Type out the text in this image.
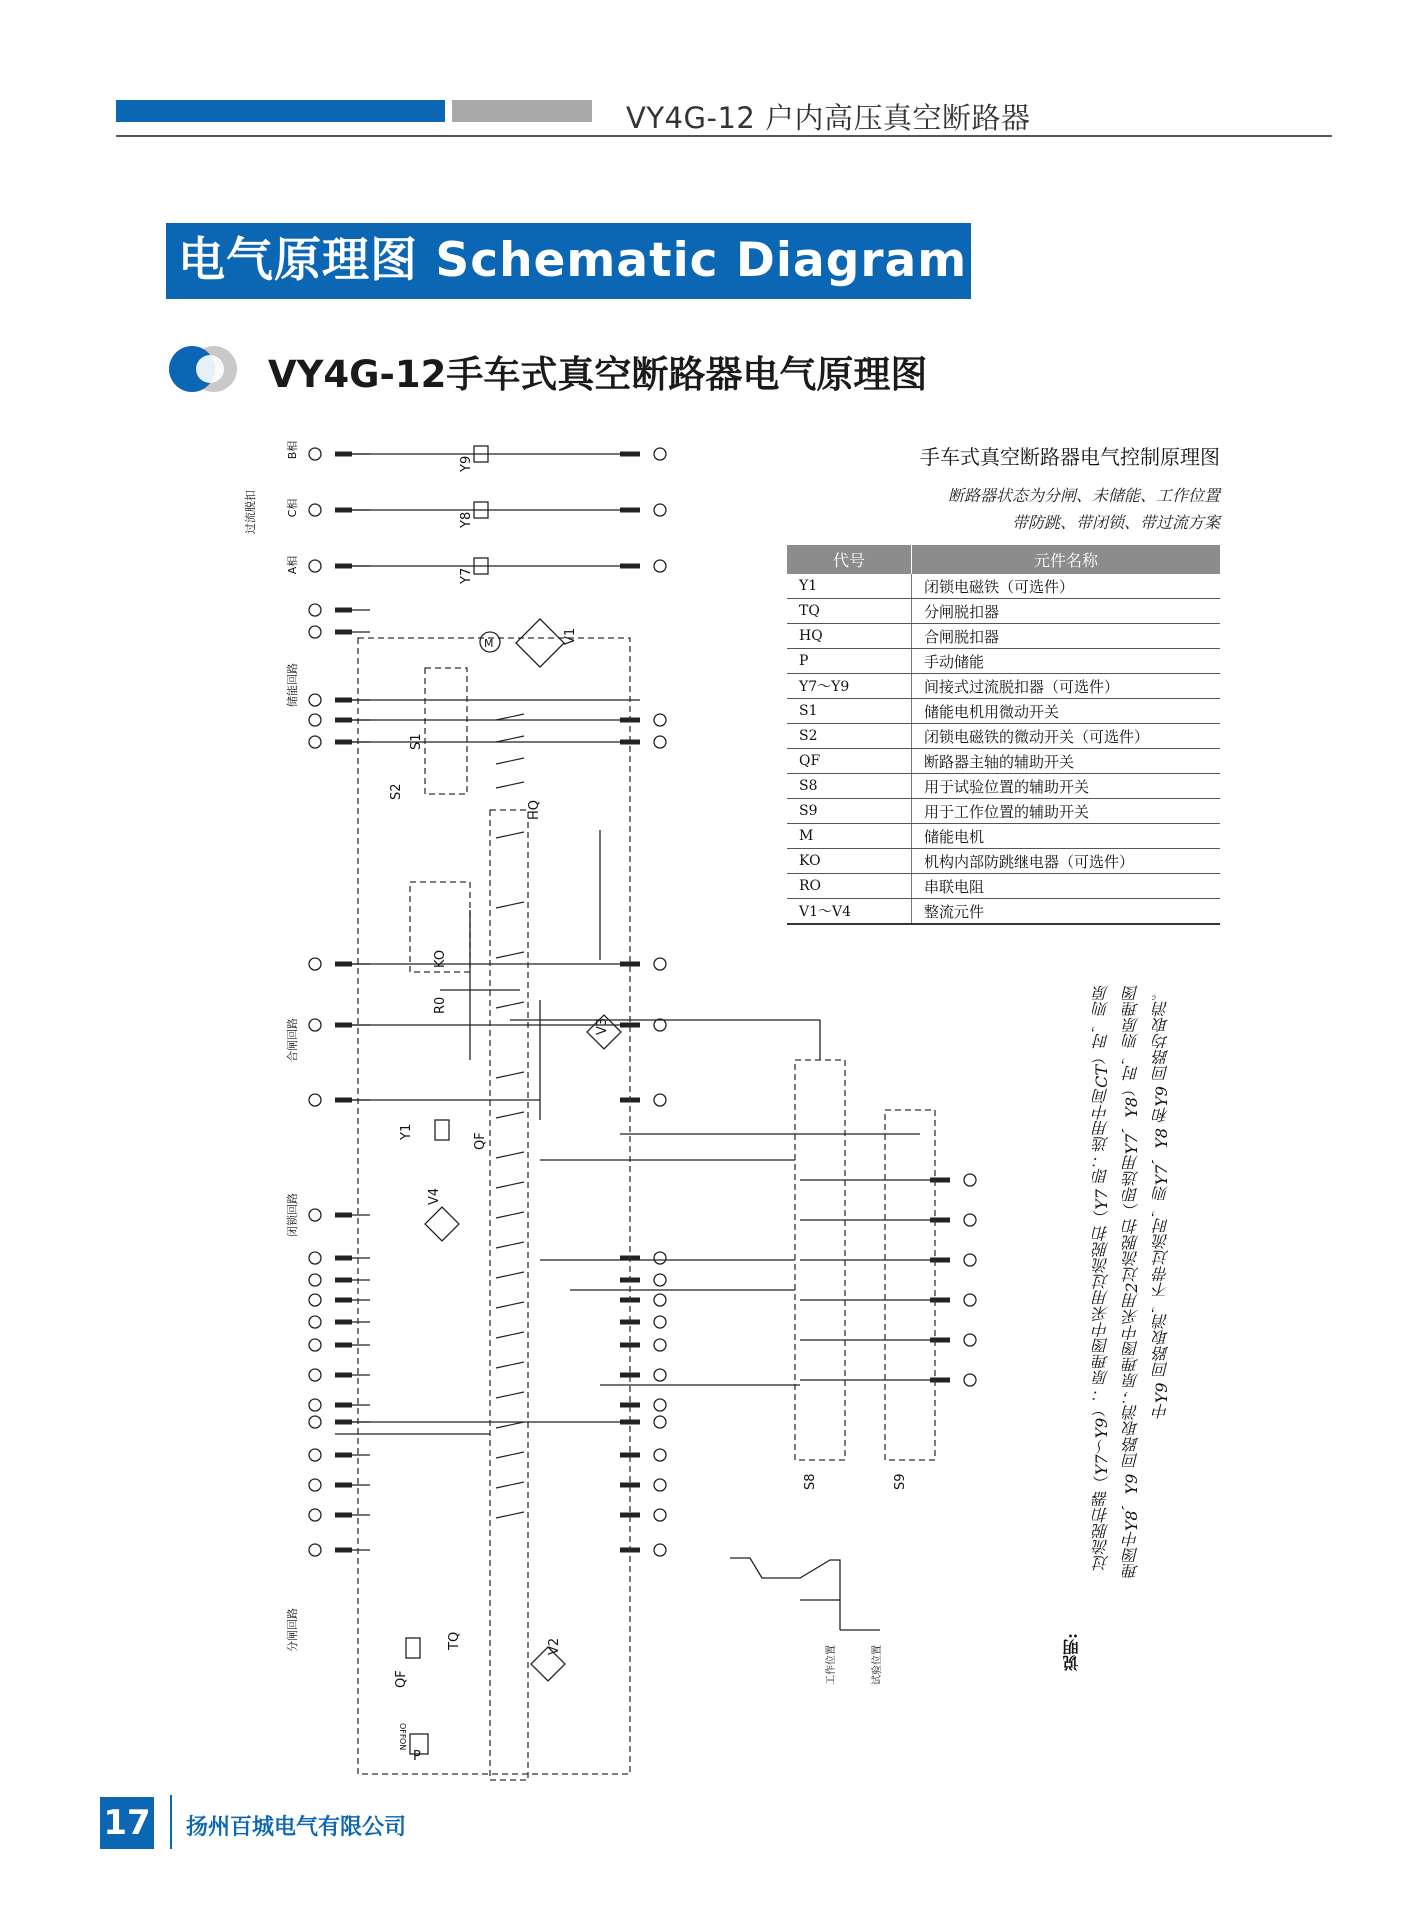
VY4G-12 户内高压真空断路器
电气原理图 Schematic Diagram
VY4G-12手车式真空断路器电气原理图
B相
C相
A相
过流脱扣
储能回路
合闸回路
闭锁回路
分闸回路
Y9
Y8
Y7
M	V1
S1
S2
HQ
KO
R0
V3
Y1
QF
V4
TQ	V2
QF
P
S8	S9
工作位置	试验位置
OFF
ON
手车式真空断路器电气控制原理图
断路器状态为分闸、未储能、工作位置
带防跳、带闭锁、带过流方案
代号	元件名称
Y1	闭锁电磁铁（可选件）
TQ	分闸脱扣器
HQ	合闸脱扣器
P	手动储能
Y7～Y9	间接式过流脱扣器（可选件）
S1	储能电机用微动开关
S2	闭锁电磁铁的微动开关（可选件）
QF	断路器主轴的辅助开关
S8	用于试验位置的辅助开关
S9	用于工作位置的辅助开关
M	储能电机
KO	机构内部防跳继电器（可选件）
RO	串联电阻
V1～V4	整流元件
说明:
过流脱扣器（Y7～Y9）：原理图中采用过流脱扣（Y7 即：选用中间CT）时，则原 理图中Y8、Y9 回路取消；原理图中采用2过流脱扣（即选用Y7、Y8）时，则原理图 中Y9 回路取消，不带过流时，则Y7、Y8 和Y9 回路均取消。
17 扬州百城电气有限公司
